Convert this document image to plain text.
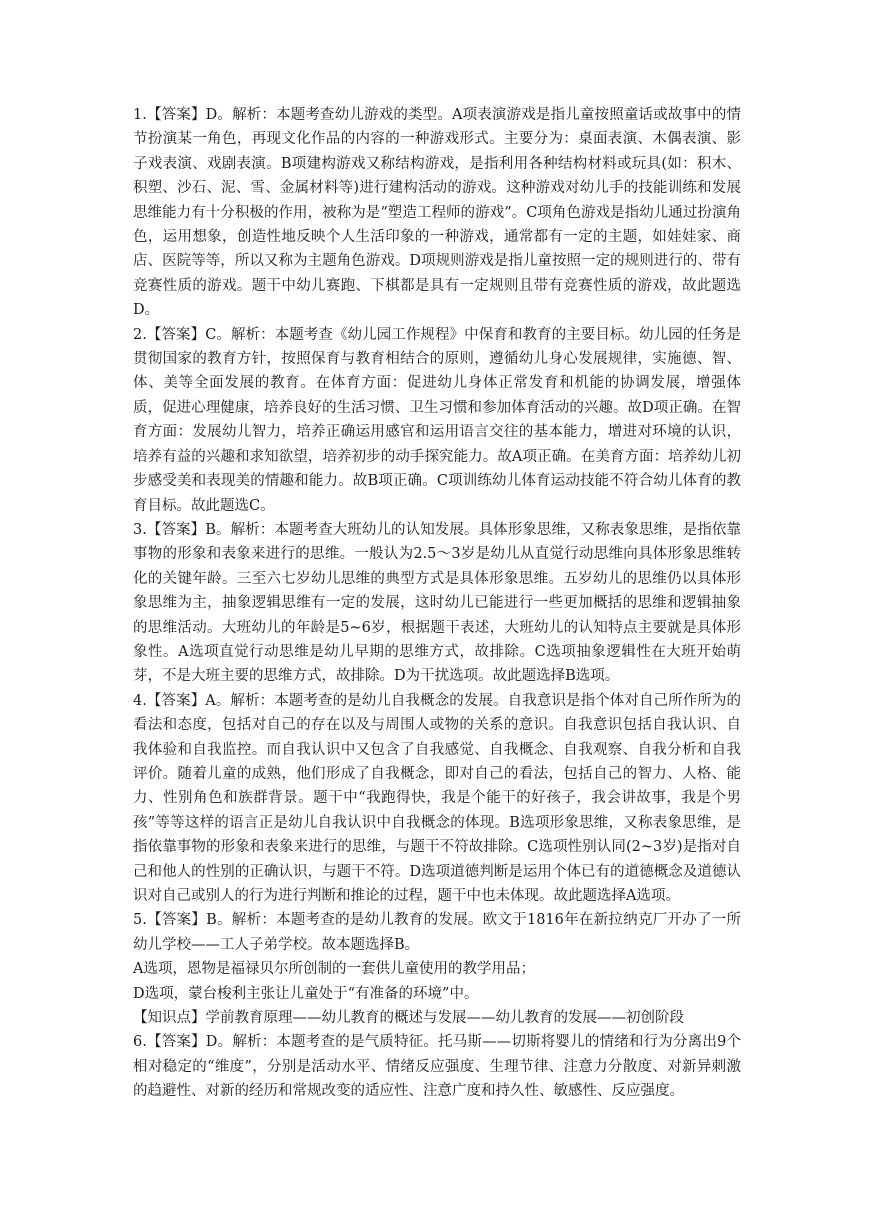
1.【答案】D。解析：本题考查幼儿游戏的类型。A项表演游戏是指儿童按照童话或故事中的情节扮演某一角色，再现文化作品的内容的一种游戏形式。主要分为：桌面表演、木偶表演、影子戏表演、戏剧表演。B项建构游戏又称结构游戏，是指利用各种结构材料或玩具(如：积木、积塑、沙石、泥、雪、金属材料等)进行建构活动的游戏。这种游戏对幼儿手的技能训练和发展思维能力有十分积极的作用，被称为是“塑造工程师的游戏”。C项角色游戏是指幼儿通过扮演角色，运用想象，创造性地反映个人生活印象的一种游戏，通常都有一定的主题，如娃娃家、商店、医院等等，所以又称为主题角色游戏。D项规则游戏是指儿童按照一定的规则进行的、带有竞赛性质的游戏。题干中幼儿赛跑、下棋都是具有一定规则且带有竞赛性质的游戏，故此题选D。

2.【答案】C。解析：本题考查《幼儿园工作规程》中保育和教育的主要目标。幼儿园的任务是贯彻国家的教育方针，按照保育与教育相结合的原则，遵循幼儿身心发展规律，实施德、智、体、美等全面发展的教育。在体育方面：促进幼儿身体正常发育和机能的协调发展，增强体质，促进心理健康，培养良好的生活习惯、卫生习惯和参加体育活动的兴趣。故D项正确。在智育方面：发展幼儿智力，培养正确运用感官和运用语言交往的基本能力，增进对环境的认识，培养有益的兴趣和求知欲望，培养初步的动手探究能力。故A项正确。在美育方面：培养幼儿初步感受美和表现美的情趣和能力。故B项正确。C项训练幼儿体育运动技能不符合幼儿体育的教育目标。故此题选C。

3.【答案】B。解析：本题考查大班幼儿的认知发展。具体形象思维，又称表象思维，是指依靠事物的形象和表象来进行的思维。一般认为2.5～3岁是幼儿从直觉行动思维向具体形象思维转化的关键年龄。三至六七岁幼儿思维的典型方式是具体形象思维。五岁幼儿的思维仍以具体形象思维为主，抽象逻辑思维有一定的发展，这时幼儿已能进行一些更加概括的思维和逻辑抽象的思维活动。大班幼儿的年龄是5~6岁，根据题干表述，大班幼儿的认知特点主要就是具体形象性。A选项直觉行动思维是幼儿早期的思维方式，故排除。C选项抽象逻辑性在大班开始萌芽，不是大班主要的思维方式，故排除。D为干扰选项。故此题选择B选项。

4.【答案】A。解析：本题考查的是幼儿自我概念的发展。自我意识是指个体对自己所作所为的看法和态度，包括对自己的存在以及与周围人或物的关系的意识。自我意识包括自我认识、自我体验和自我监控。而自我认识中又包含了自我感觉、自我概念、自我观察、自我分析和自我评价。随着儿童的成熟，他们形成了自我概念，即对自己的看法，包括自己的智力、人格、能力、性别角色和族群背景。题干中“我跑得快，我是个能干的好孩子，我会讲故事，我是个男孩”等等这样的语言正是幼儿自我认识中自我概念的体现。B选项形象思维，又称表象思维，是指依靠事物的形象和表象来进行的思维，与题干不符故排除。C选项性别认同(2~3岁)是指对自己和他人的性别的正确认识，与题干不符。D选项道德判断是运用个体已有的道德概念及道德认识对自己或别人的行为进行判断和推论的过程，题干中也未体现。故此题选择A选项。

5.【答案】B。解析：本题考查的是幼儿教育的发展。欧文于1816年在新拉纳克厂开办了一所幼儿学校——工人子弟学校。故本题选择B。

A选项，恩物是福禄贝尔所创制的一套供儿童使用的教学用品；

D选项，蒙台梭利主张让儿童处于“有准备的环境”中。

【知识点】学前教育原理——幼儿教育的概述与发展——幼儿教育的发展——初创阶段

6.【答案】D。解析：本题考查的是气质特征。托马斯——切斯将婴儿的情绪和行为分离出9个相对稳定的“维度”，分别是活动水平、情绪反应强度、生理节律、注意力分散度、对新异刺激的趋避性、对新的经历和常规改变的适应性、注意广度和持久性、敏感性、反应强度。
